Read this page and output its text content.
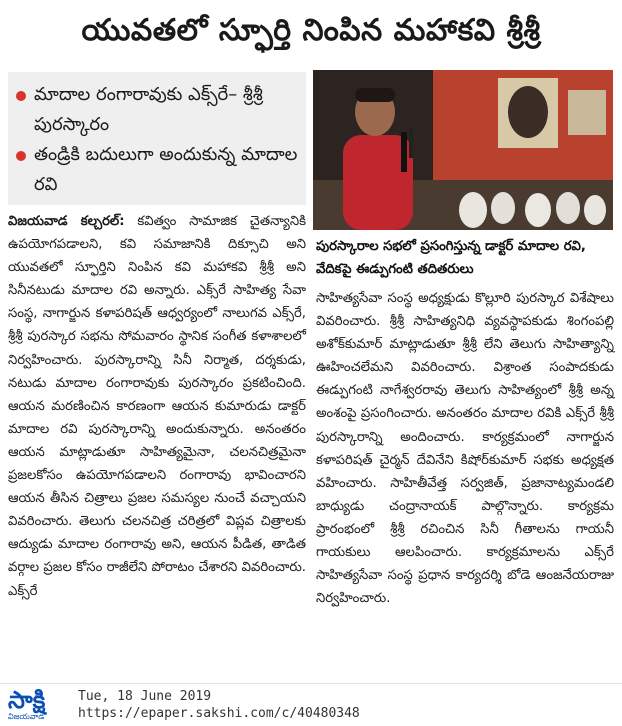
యువతలో స్ఫూర్తి నింపిన మహాకవి శ్రీశ్రీ
మాదాల రంగారావుకు ఎక్స్‌రే– శ్రీశ్రీ పురస్కారం
తండ్రికి బదులుగా అందుకున్న మాదాల రవి
పురస్కారాల సభలో ప్రసంగిస్తున్న డాక్టర్ మాదాల రవి, వేదికపై ఈడ్పుగంటి తదితరులు

విజయవాడ కల్చరల్: కవిత్వం సామాజిక చైతన్యానికి ఉపయోగపడాలని, కవి సమాజానికి దిక్సూచి అని యువతలో స్ఫూర్తిని నింపిన కవి మహాకవి శ్రీశ్రీ అని సినీనటుడు మాదాల రవి అన్నారు. ఎక్స్‌రే సాహిత్య సేవా సంస్థ, నాగార్జున కళాపరిషత్ ఆధ్వర్యంలో నాలుగవ ఎక్స్‌రే, శ్రీశ్రీ పురస్కార సభను సోమవారం స్థానిక సంగీత కళాశాలలో నిర్వహించారు. పురస్కారాన్ని సినీ నిర్మాత, దర్శకుడు, నటుడు మాదాల రంగారావుకు పురస్కారం ప్రకటించింది. ఆయన మరణించిన కారణంగా ఆయన కుమారుడు డాక్టర్ మాదాల రవి పురస్కారాన్ని అందుకున్నారు. అనంతరం ఆయన మాట్లాడుతూ సాహిత్యమైనా, చలనచిత్రమైనా ప్రజలకోసం ఉపయోగపడాలని రంగారావు భావించారని ఆయన తీసిన చిత్రాలు ప్రజల సమస్యల నుంచే వచ్చాయని వివరించారు. తెలుగు చలనచిత్ర చరిత్రలో విప్లవ చిత్రాలకు ఆద్యుడు మాదాల రంగారావు అని, ఆయన పీడిత, తాడిత వర్గాల ప్రజల కోసం రాజీలేని పోరాటం చేశారని వివరించారు. ఎక్స్‌రే

సాహిత్యసేవా సంస్థ అధ్యక్షుడు కొల్లూరి పురస్కార విశేషాలు వివరించారు. శ్రీశ్రీ సాహిత్యనిధి వ్యవస్థాపకుడు శింగంపల్లి అశోక్‌కుమార్ మాట్లాడుతూ శ్రీశ్రీ లేని తెలుగు సాహిత్యాన్ని ఊహించలేమని వివరించారు. విశ్రాంత సంపాదకుడు ఈడ్పుగంటి నాగేశ్వరరావు తెలుగు సాహిత్యంలో శ్రీశ్రీ అన్న అంశంపై ప్రసంగించారు. అనంతరం మాదాల రవికి ఎక్స్‌రే శ్రీశ్రీ పురస్కారాన్ని అందించారు. కార్యక్రమంలో నాగార్జున కళాపరిషత్ చైర్మన్ దేవినేని కిషోర్‌కుమార్ సభకు అధ్యక్షత వహించారు. సాహితీవేత్త సర్వజిత్, ప్రజానాట్యమండలి బాధ్యుడు చంద్రానాయక్ పాల్గొన్నారు. కార్యక్రమ ప్రారంభంలో శ్రీశ్రీ రచించిన సినీ గీతాలను గాయనీ గాయకులు ఆలపించారు. కార్యక్రమాలను ఎక్స్‌రే సాహిత్యసేవా సంస్థ ప్రధాన కార్యదర్శి బోడె ఆంజనేయరాజు నిర్వహించారు.

సాక్షి
విజయవాడ
Tue, 18 June 2019
https://epaper.sakshi.com/c/40480348
